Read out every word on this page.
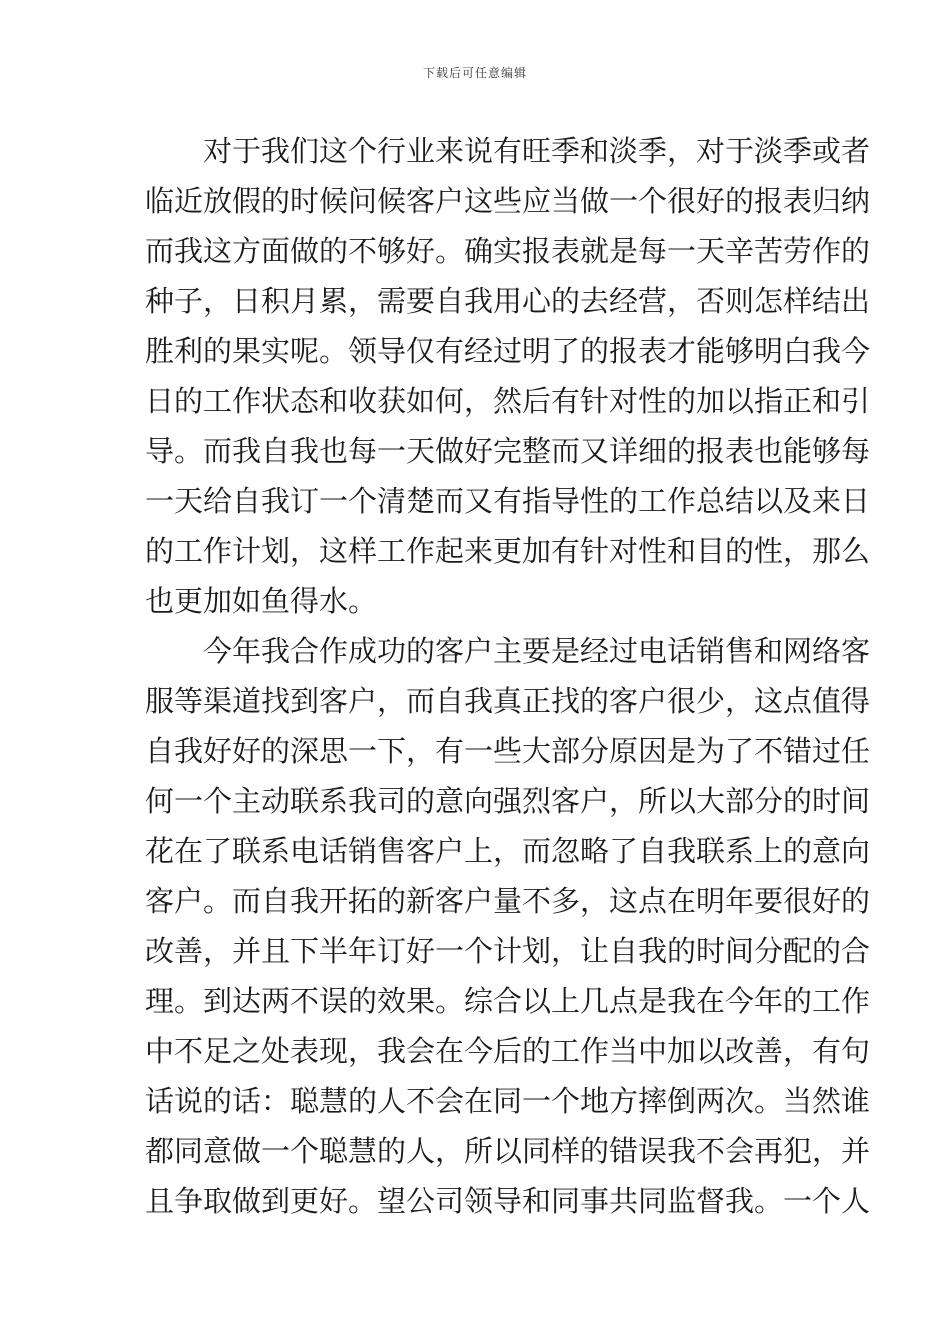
下载后可任意编辑
对于我们这个行业来说有旺季和淡季，对于淡季或者
临近放假的时候问候客户这些应当做一个很好的报表归纳
而我这方面做的不够好。确实报表就是每一天辛苦劳作的
种子，日积月累，需要自我用心的去经营，否则怎样结出
胜利的果实呢。领导仅有经过明了的报表才能够明白我今
日的工作状态和收获如何，然后有针对性的加以指正和引
导。而我自我也每一天做好完整而又详细的报表也能够每
一天给自我订一个清楚而又有指导性的工作总结以及来日
的工作计划，这样工作起来更加有针对性和目的性，那么
也更加如鱼得水。
今年我合作成功的客户主要是经过电话销售和网络客
服等渠道找到客户，而自我真正找的客户很少，这点值得
自我好好的深思一下，有一些大部分原因是为了不错过任
何一个主动联系我司的意向强烈客户，所以大部分的时间
花在了联系电话销售客户上，而忽略了自我联系上的意向
客户。而自我开拓的新客户量不多，这点在明年要很好的
改善，并且下半年订好一个计划，让自我的时间分配的合
理。到达两不误的效果。综合以上几点是我在今年的工作
中不足之处表现，我会在今后的工作当中加以改善，有句
话说的话：聪慧的人不会在同一个地方摔倒两次。当然谁
都同意做一个聪慧的人，所以同样的错误我不会再犯，并
且争取做到更好。望公司领导和同事共同监督我。一个人
